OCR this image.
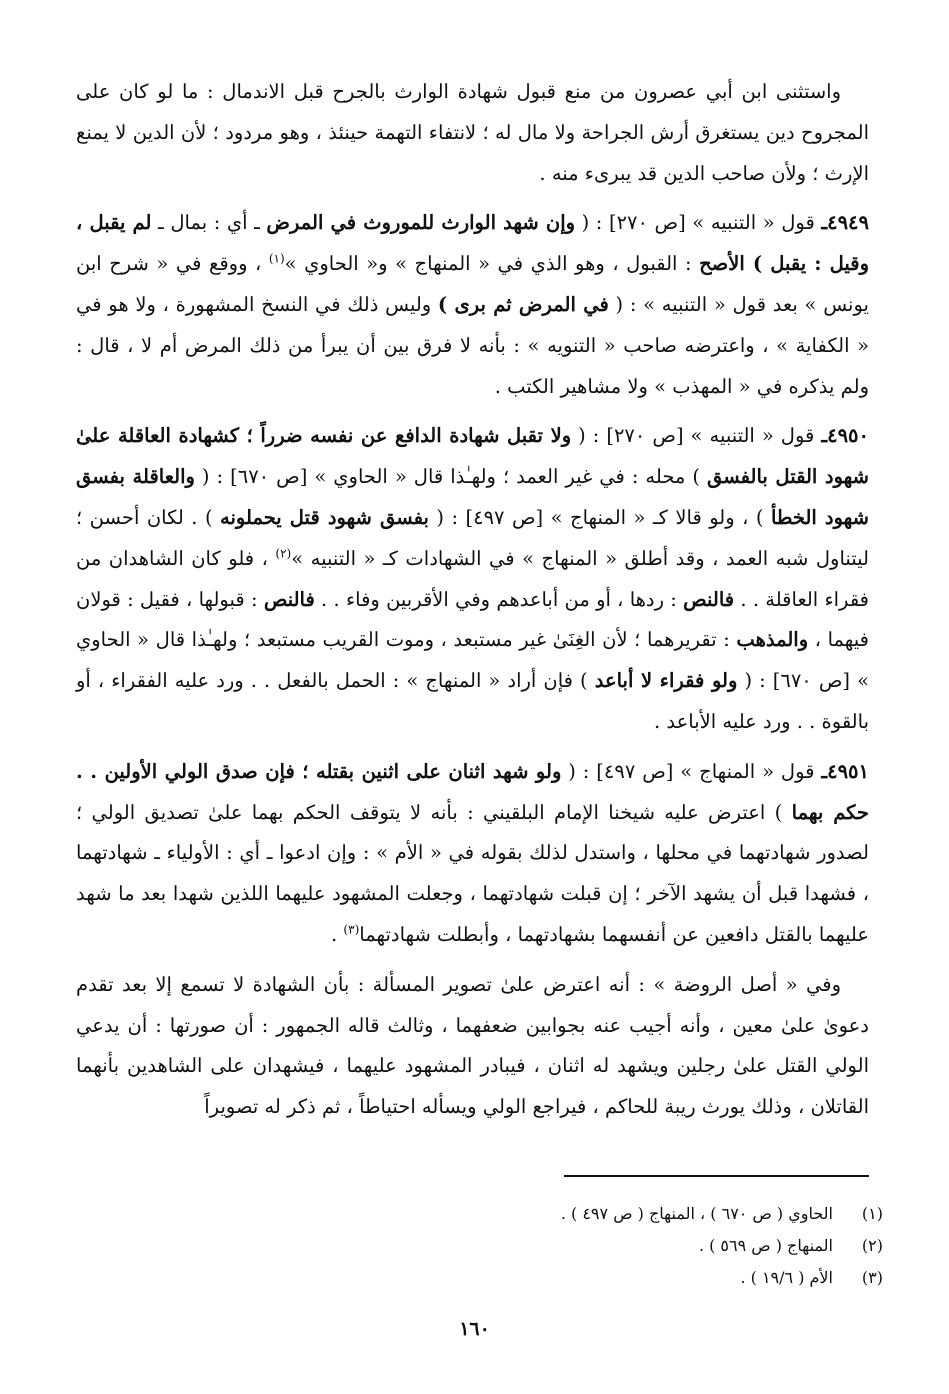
واستثنى ابن أبي عصرون من منع قبول شهادة الوارث بالجرح قبل الاندمال : ما لو كان على المجروح دين يستغرق أرش الجراحة ولا مال له ؛ لانتفاء التهمة حينئذ ، وهو مردود ؛ لأن الدين لا يمنع الإرث ؛ ولأن صاحب الدين قد يبرىء منه .

٤٩٤٩ـ قول « التنبيه » [ص ٢٧٠] : ( وإن شهد الوارث للموروث في المرض ـ أي : بمال ـ لم يقبل ، وقيل : يقبل ) الأصح : القبول ، وهو الذي في « المنهاج » و« الحاوي »$^{(١)}$ ، ووقع في « شرح ابن يونس » بعد قول « التنبيه » : ( في المرض ثم برى ) وليس ذلك في النسخ المشهورة ، ولا هو في « الكفاية » ، واعترضه صاحب « التنويه » : بأنه لا فرق بين أن يبرأ من ذلك المرض أم لا ، قال : ولم يذكره في « المهذب » ولا مشاهير الكتب .

٤٩٥٠ـ قول « التنبيه » [ص ٢٧٠] : ( ولا تقبل شهادة الدافع عن نفسه ضرراً ؛ كشهادة العاقلة علىٰ شهود القتل بالفسق ) محله : في غير العمد ؛ ولهـٰذا قال « الحاوي » [ص ٦٧٠] : ( والعاقلة بفسق شهود الخطأ ) ، ولو قالا كـ « المنهاج » [ص ٤٩٧] : ( بفسق شهود قتل يحملونه ) . لكان أحسن ؛ ليتناول شبه العمد ، وقد أطلق « المنهاج » في الشهادات كـ « التنبيه »$^{(٢)}$ ، فلو كان الشاهدان من فقراء العاقلة . . فالنص : ردها ، أو من أباعدهم وفي الأقربين وفاء . . فالنص : قبولها ، فقيل : قولان فيهما ، والمذهب : تقريرهما ؛ لأن الغِنَىٰ غير مستبعد ، وموت القريب مستبعد ؛ ولهـٰذا قال « الحاوي » [ص ٦٧٠] : ( ولو فقراء لا أباعد ) فإن أراد « المنهاج » : الحمل بالفعل . . ورد عليه الفقراء ، أو بالقوة . . ورد عليه الأباعد .

٤٩٥١ـ قول « المنهاج » [ص ٤٩٧] : ( ولو شهد اثنان على اثنين بقتله ؛ فإن صدق الولي الأولين . . حكم بهما ) اعترض عليه شيخنا الإمام البلقيني : بأنه لا يتوقف الحكم بهما علىٰ تصديق الولي ؛ لصدور شهادتهما في محلها ، واستدل لذلك بقوله في « الأم » : وإن ادعوا ـ أي : الأولياء ـ شهادتهما ، فشهدا قبل أن يشهد الآخر ؛ إن قبلت شهادتهما ، وجعلت المشهود عليهما اللذين شهدا بعد ما شهد عليهما بالقتل دافعين عن أنفسهما بشهادتهما ، وأبطلت شهادتهما$^{(٣)}$ .

وفي « أصل الروضة » : أنه اعترض علىٰ تصوير المسألة : بأن الشهادة لا تسمع إلا بعد تقدم دعوىٰ علىٰ معين ، وأنه أجيب عنه بجوابين ضعفهما ، وثالث قاله الجمهور : أن صورتها : أن يدعي الولي القتل علىٰ رجلين ويشهد له اثنان ، فيبادر المشهود عليهما ، فيشهدان على الشاهدين بأنهما القاتلان ، وذلك يورث ريبة للحاكم ، فيراجع الولي ويسأله احتياطاً ، ثم ذكر له تصويراً

(١)
الحاوي ( ص ٦٧٠ ) ، المنهاج ( ص ٤٩٧ ) .
(٢)
المنهاج ( ص ٥٦٩ ) .
(٣)
الأم ( ١٩/٦ ) .
١٦٠
